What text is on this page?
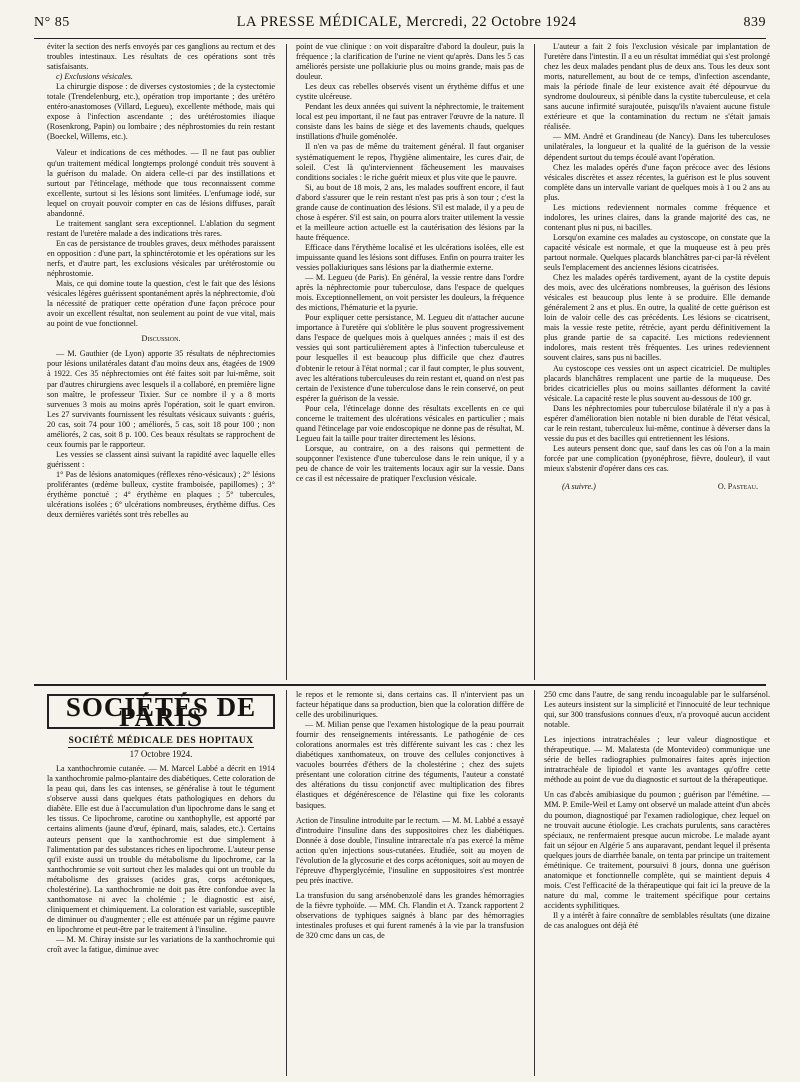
N° 85	LA PRESSE MÉDICALE, Mercredi, 22 Octobre 1924	839

éviter la section des nerfs envoyés par ces ganglions au rectum et des troubles intestinaux. Les résultats de ces opérations sont très satisfaisants.

c) Exclusions vésicales.

La chirurgie dispose : de diverses cystostomies ; de la cystectomie totale (Trendelenburg, etc.), opération trop importante ; des urétéro entéro-anastomoses (Villard, Legueu), excellente méthode, mais qui expose à l'infection ascendante ; des urétérostomies iliaque (Rosenkrong, Papin) ou lombaire ; des néphrostomies du rein restant (Boeckel, Willems, etc.).

Valeur et indications de ces méthodes. — Il ne faut pas oublier qu'un traitement médical longtemps prolongé conduit très souvent à la guérison du malade. On aidera celle-ci par des instillations et surtout par l'étincelage, méthode que tous reconnaissent comme excellente, surtout si les lésions sont limitées. L'enfumage iodé, sur lequel on croyait pouvoir compter en cas de lésions diffuses, paraît abandonné.

Le traitement sanglant sera exceptionnel. L'ablation du segment restant de l'uretère malade a des indications très rares.

En cas de persistance de troubles graves, deux méthodes paraissent en opposition : d'une part, la sphinctérotomie et les opérations sur les nerfs, et d'autre part, les exclusions vésicales par urétérostomie ou néphrostomie.

Mais, ce qui domine toute la question, c'est le fait que des lésions vésicales légères guérissent spontanément après la néphrectomie, d'où la nécessité de pratiquer cette opération d'une façon précoce pour avoir un excellent résultat, non seulement au point de vue vital, mais au point de vue fonctionnel.

Discussion.

— M. Gauthier (de Lyon) apporte 35 résultats de néphrectomies pour lésions unilatérales datant d'au moins deux ans, étagées de 1909 à 1922. Ces 35 néphrectomies ont été faites soit par lui-même, soit par d'autres chirurgiens avec lesquels il a collaboré, en première ligne son maître, le professeur Tixier. Sur ce nombre il y a 8 morts survenues 3 mois au moins après l'opération, soit le quart environ. Les 27 survivants fournissent les résultats vésicaux suivants : guéris, 20 cas, soit 74 pour 100 ; améliorés, 5 cas, soit 18 pour 100 ; non améliorés, 2 cas, soit 8 p. 100. Ces beaux résultats se rapprochent de ceux fournis par le rapporteur.

Les vessies se classent ainsi suivant la rapidité avec laquelle elles guérissent :

1° Pas de lésions anatomiques (réflexes réno-vésicaux) ; 2° lésions proliférantes (œdème bulleux, cystite framboisée, papillomes) ; 3° érythème ponctué ; 4° érythème en plaques ; 5° tubercules, ulcérations isolées ; 6° ulcérations nombreuses, érythème diffus. Ces deux dernières variétés sont très rebelles au

point de vue clinique : on voit disparaître d'abord la douleur, puis la fréquence ; la clarification de l'urine ne vient qu'après. Dans les 5 cas améliorés persiste une pollakiurie plus ou moins grande, mais pas de douleur.

Les deux cas rebelles observés visent un érythème diffus et une cystite ulcéreuse.

Pendant les deux années qui suivent la néphrectomie, le traitement local est peu important, il ne faut pas entraver l'œuvre de la nature. Il consiste dans les bains de siège et des lavements chauds, quelques instillations d'huile goménolée.

Il n'en va pas de même du traitement général. Il faut organiser systématiquement le repos, l'hygiène alimentaire, les cures d'air, de soleil. C'est là qu'interviennent fâcheusement les mauvaises conditions sociales : le riche guérit mieux et plus vite que le pauvre.

Si, au bout de 18 mois, 2 ans, les malades souffrent encore, il faut d'abord s'assurer que le rein restant n'est pas pris à son tour ; c'est la grande cause de continuation des lésions. S'il est malade, il y a peu de chose à espérer. S'il est sain, on pourra alors traiter utilement la vessie et la meilleure action actuelle est la cautérisation des lésions par la haute fréquence.

Efficace dans l'érythème localisé et les ulcérations isolées, elle est impuissante quand les lésions sont diffuses. Enfin on pourra traiter les vessies pollakiuriques sans lésions par la diathermie externe.

— M. Legueu (de Paris). En général, la vessie rentre dans l'ordre après la néphrectomie pour tuberculose, dans l'espace de quelques mois. Exceptionnellement, on voit persister les douleurs, la fréquence des mictions, l'hématurie et la pyurie.

Pour expliquer cette persistance, M. Legueu dit n'attacher aucune importance à l'uretère qui s'oblitère le plus souvent progressivement dans l'espace de quelques mois à quelques années ; mais il est des vessies qui sont particulièrement aptes à l'infection tuberculeuse et pour lesquelles il est beaucoup plus difficile que chez d'autres d'obtenir le retour à l'état normal ; car il faut compter, le plus souvent, avec les altérations tuberculeuses du rein restant et, quand on n'est pas certain de l'existence d'une tuberculose dans le rein conservé, on peut espérer la guérison de la vessie.

Pour cela, l'étincelage donne des résultats excellents en ce qui concerne le traitement des ulcérations vésicales en particulier ; mais quand l'étincelage par voie endoscopique ne donne pas de résultat, M. Legueu fait la taille pour traiter directement les lésions.

Lorsque, au contraire, on a des raisons qui permettent de soupçonner l'existence d'une tuberculose dans le rein unique, il y a peu de chance de voir les traitements locaux agir sur la vessie. Dans ce cas il est nécessaire de pratiquer l'exclusion vésicale.

L'auteur a fait 2 fois l'exclusion vésicale par implantation de l'uretère dans l'intestin. Il a eu un résultat immédiat qui s'est prolongé chez les deux malades pendant plus de deux ans. Tous les deux sont morts, naturellement, au bout de ce temps, d'infection ascendante, mais la période finale de leur existence avait été dépourvue du syndrome douloureux, si pénible dans la cystite tuberculeuse, et cela sans aucune infirmité surajoutée, puisqu'ils n'avaient aucune fistule extérieure et que la contamination du rectum ne s'était jamais réalisée.

— MM. André et Grandineau (de Nancy). Dans les tuberculoses unilatérales, la longueur et la qualité de la guérison de la vessie dépendent surtout du temps écoulé avant l'opération.

Chez les malades opérés d'une façon précoce avec des lésions vésicales discrètes et assez récentes, la guérison est le plus souvent complète dans un intervalle variant de quelques mois à 1 ou 2 ans au plus.

Les mictions redeviennent normales comme fréquence et indolores, les urines claires, dans la grande majorité des cas, ne contenant plus ni pus, ni bacilles.

Lorsqu'on examine ces malades au cystoscope, on constate que la capacité vésicale est normale, et que la muqueuse est à peu près partout normale. Quelques placards blanchâtres par-ci par-là révèlent seuls l'emplacement des anciennes lésions cicatrisées.

Chez les malades opérés tardivement, ayant de la cystite depuis des mois, avec des ulcérations nombreuses, la guérison des lésions vésicales est beaucoup plus lente à se produire. Elle demande généralement 2 ans et plus. En outre, la qualité de cette guérison est loin de valoir celle des cas précédents. Les lésions se cicatrisent, mais la vessie reste petite, rétrécie, ayant perdu définitivement la plus grande partie de sa capacité. Les mictions redeviennent indolores, mais restent très fréquentes. Les urines redeviennent souvent claires, sans pus ni bacilles.

Au cystoscope ces vessies ont un aspect cicatriciel. De multiples placards blanchâtres remplacent une partie de la muqueuse. Des brides cicatricielles plus ou moins saillantes déforment la cavité vésicale. La capacité reste le plus souvent au-dessous de 100 gr.

Dans les néphrectomies pour tuberculose bilatérale il n'y a pas à espérer d'amélioration bien notable ni bien durable de l'état vésical, car le rein restant, tuberculeux lui-même, continue à déverser dans la vessie du pus et des bacilles qui entretiennent les lésions.

Les auteurs pensent donc que, sauf dans les cas où l'on a la main forcée par une complication (pyonéphrose, fièvre, douleur), il vaut mieux s'abstenir d'opérer dans ces cas.

(A suivre.)	O. Pasteau.

SOCIÉTÉS DE PARIS
SOCIÉTÉ MÉDICALE DES HOPITAUX
17 Octobre 1924.

La xanthochromie cutanée. — M. Marcel Labbé a décrit en 1914 la xanthochromie palmo-plantaire des diabétiques. Cette coloration de la peau qui, dans les cas intenses, se généralise à tout le tégument s'observe aussi dans quelques états pathologiques en dehors du diabète. Elle est due à l'accumulation d'un lipochrome dans le sang et les tissus. Ce lipochrome, carotine ou xanthophylle, est apporté par certains aliments (jaune d'œuf, épinard, mais, salades, etc.). Certains auteurs pensent que la xanthochromie est due simplement à l'alimentation par des substances riches en lipochrome. L'auteur pense qu'il existe aussi un trouble du métabolisme du lipochrome, car la xanthochromie se voit surtout chez les malades qui ont un trouble du métabolisme des graisses (acides gras, corps acétoniques, cholestérine). La xanthochromie ne doit pas être confondue avec la xanthomatose ni avec la cholémie ; le diagnostic est aisé, cliniquement et chimiquement. La coloration est variable, susceptible de diminuer ou d'augmenter ; elle est atténuée par un régime pauvre en lipochrome et peut-être par le traitement à l'insuline.

— M. M. Chiray insiste sur les variations de la xanthochromie qui croît avec la fatigue, diminue avec

le repos et le remonte si, dans certains cas. Il n'intervient pas un facteur hépatique dans sa production, bien que la coloration diffère de celle des urobilinuriques.

— M. Milian pense que l'examen histologique de la peau pourrait fournir des renseignements intéressants. Le pathogénie de ces colorations anormales est très différente suivant les cas : chez les diabétiques xanthomateux, on trouve des cellules conjonctives à vacuoles bourrées d'éthers de la cholestérine ; chez des sujets présentant une coloration citrine des téguments, l'auteur a constaté des altérations du tissu conjonctif avec multiplication des fibres élastiques et dégénérescence de l'élastine qui fixe les colorants basiques.

Action de l'insuline introduite par le rectum. — M. M. Labbé a essayé d'introduire l'insuline dans des suppositoires chez les diabétiques. Donnée à dose double, l'insuline intrarectale n'a pas exercé la même action qu'en injections sous-cutanées. Etudiée, soit au moyen de l'évolution de la glycosurie et des corps acétoniques, soit au moyen de l'épreuve d'hyperglycémie, l'insuline en suppositoires s'est montrée peu près inactive.

La transfusion du sang arsénobenzolé dans les grandes hémorragies de la fièvre typhoïde. — MM. Ch. Flandin et A. Tzanck rapportent 2 observations de typhiques saignés à blanc par des hémorragies intestinales profuses et qui furent ramenés à la vie par la transfusion de 320 cmc dans un cas, de

250 cmc dans l'autre, de sang rendu incoagulable par le sulfarsénol. Les auteurs insistent sur la simplicité et l'innocuité de leur technique qui, sur 300 transfusions connues d'eux, n'a provoqué aucun accident notable.

Les injections intratrachéales ; leur valeur diagnostique et thérapeutique. — M. Malatesta (de Montevideo) communique une série de belles radiographies pulmonaires faites après injection intratrachéale de lipiodol et vante les avantages qu'offre cette méthode au point de vue du diagnostic et surtout de la thérapeutique.

Un cas d'abcès amibiasique du poumon ; guérison par l'émétine. — MM. P. Emile-Weil et Lamy ont observé un malade atteint d'un abcès du poumon, diagnostiqué par l'examen radiologique, chez lequel on ne trouvait aucune étiologie. Les crachats purulents, sans caractères spéciaux, ne renfermaient presque aucun microbe. Le malade ayant fait un séjour en Algérie 5 ans auparavant, pendant lequel il présenta quelques jours de diarrhée banale, on tenta par principe un traitement émétinique. Ce traitement, poursuivi 8 jours, donna une guérison anatomique et fonctionnelle complète, qui se maintient depuis 4 mois. C'est l'efficacité de la thérapeutique qui fait ici la preuve de la nature du mal, comme le traitement spécifique pour certains accidents syphilitiques.

Il y a intérêt à faire connaître de semblables résultats (une dizaine de cas analogues ont déjà été
